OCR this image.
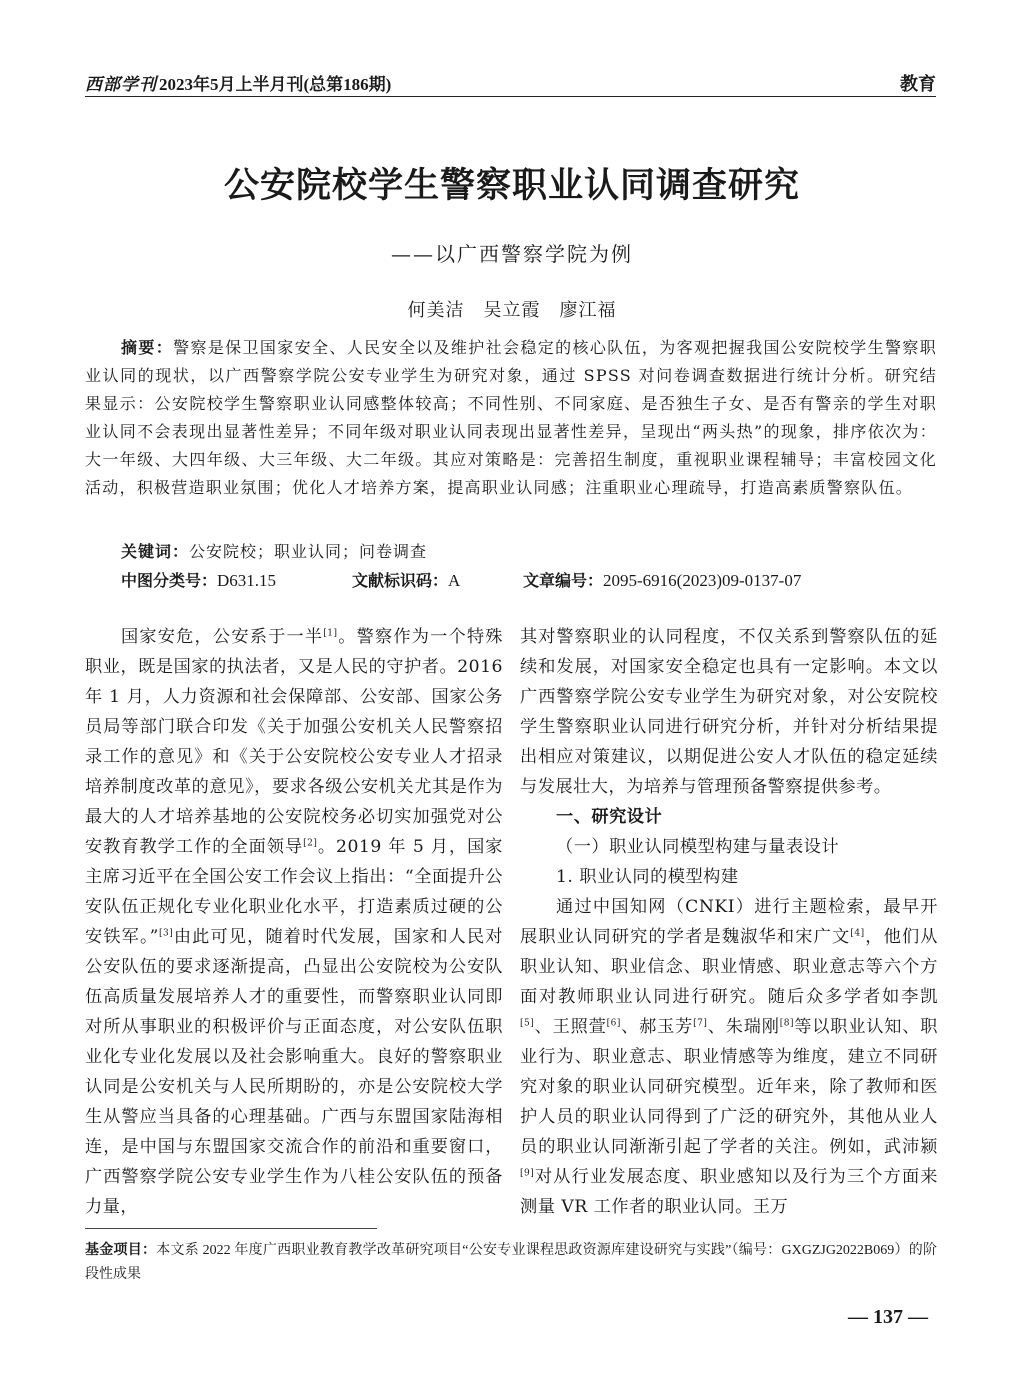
西部学刊 2023年5月上半月刊(总第186期)	教育
公安院校学生警察职业认同调查研究
——以广西警察学院为例
何美洁　吴立霞　廖江福
摘要：警察是保卫国家安全、人民安全以及维护社会稳定的核心队伍，为客观把握我国公安院校学生警察职业认同的现状，以广西警察学院公安专业学生为研究对象，通过 SPSS 对问卷调查数据进行统计分析。研究结果显示：公安院校学生警察职业认同感整体较高；不同性别、不同家庭、是否独生子女、是否有警亲的学生对职业认同不会表现出显著性差异；不同年级对职业认同表现出显著性差异，呈现出“两头热”的现象，排序依次为：大一年级、大四年级、大三年级、大二年级。其应对策略是：完善招生制度，重视职业课程辅导；丰富校园文化活动，积极营造职业氛围；优化人才培养方案，提高职业认同感；注重职业心理疏导，打造高素质警察队伍。
关键词：公安院校；职业认同；问卷调查
中图分类号：D631.15	文献标识码：A	文章编号：2095-6916(2023)09-0137-07

国家安危，公安系于一半[1]。警察作为一个特殊职业，既是国家的执法者，又是人民的守护者。2016 年 1 月，人力资源和社会保障部、公安部、国家公务员局等部门联合印发《关于加强公安机关人民警察招录工作的意见》和《关于公安院校公安专业人才招录培养制度改革的意见》，要求各级公安机关尤其是作为最大的人才培养基地的公安院校务必切实加强党对公安教育教学工作的全面领导[2]。2019 年 5 月，国家主席习近平在全国公安工作会议上指出：“全面提升公安队伍正规化专业化职业化水平，打造素质过硬的公安铁军。”[3]由此可见，随着时代发展，国家和人民对公安队伍的要求逐渐提高，凸显出公安院校为公安队伍高质量发展培养人才的重要性，而警察职业认同即对所从事职业的积极评价与正面态度，对公安队伍职业化专业化发展以及社会影响重大。良好的警察职业认同是公安机关与人民所期盼的，亦是公安院校大学生从警应当具备的心理基础。广西与东盟国家陆海相连，是中国与东盟国家交流合作的前沿和重要窗口，广西警察学院公安专业学生作为八桂公安队伍的预备力量，

其对警察职业的认同程度，不仅关系到警察队伍的延续和发展，对国家安全稳定也具有一定影响。本文以广西警察学院公安专业学生为研究对象，对公安院校学生警察职业认同进行研究分析，并针对分析结果提出相应对策建议，以期促进公安人才队伍的稳定延续与发展壮大，为培养与管理预备警察提供参考。

一、研究设计

（一）职业认同模型构建与量表设计

1. 职业认同的模型构建

通过中国知网（CNKI）进行主题检索，最早开展职业认同研究的学者是魏淑华和宋广文[4]，他们从职业认知、职业信念、职业情感、职业意志等六个方面对教师职业认同进行研究。随后众多学者如李凯[5]、王照萱[6]、郝玉芳[7]、朱瑞刚[8]等以职业认知、职业行为、职业意志、职业情感等为维度，建立不同研究对象的职业认同研究模型。近年来，除了教师和医护人员的职业认同得到了广泛的研究外，其他从业人员的职业认同渐渐引起了学者的关注。例如，武沛颍[9]对从行业发展态度、职业感知以及行为三个方面来测量 VR 工作者的职业认同。王万

基金项目：本文系 2022 年度广西职业教育教学改革研究项目“公安专业课程思政资源库建设研究与实践”（编号：GXGZJG2022B069）的阶段性成果
— 137 —
